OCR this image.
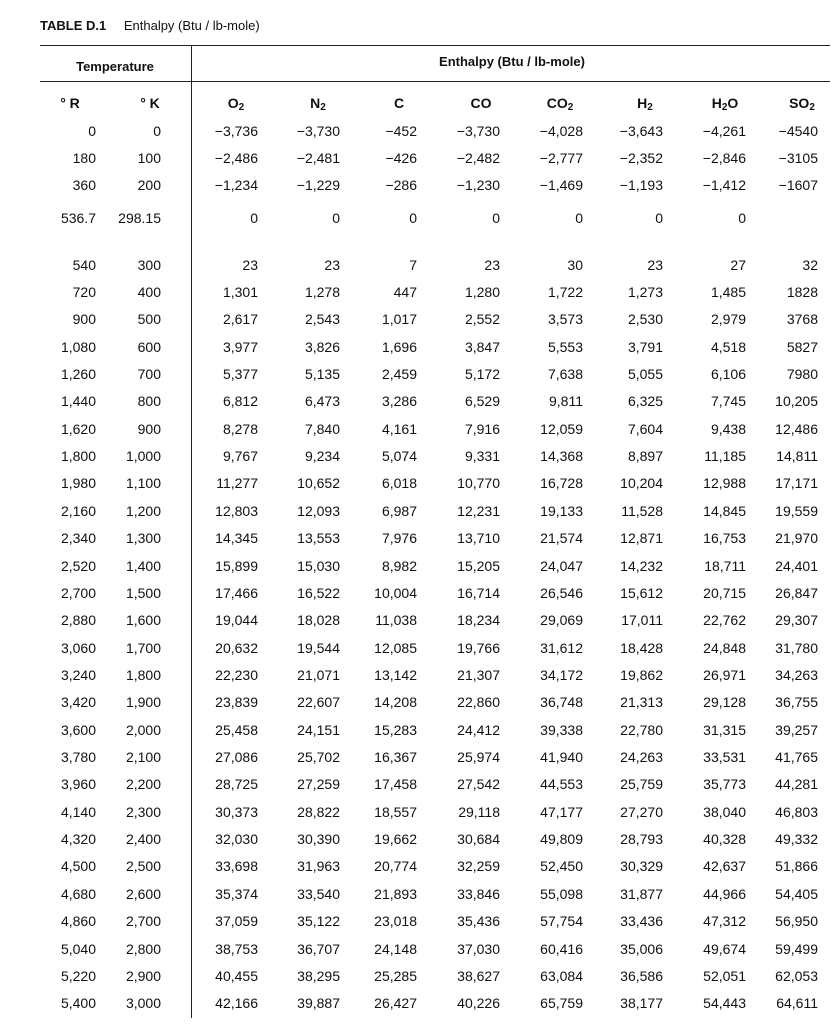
TABLE D.1 Enthalpy (Btu / lb-mole)
Temperature	Enthalpy (Btu / lb-mole)
° R	° K	$O_2$	$N_2$	C	CO	$CO_2$	$H_2$	$H_2O$	$SO_2$
0	0	−3,736	−3,730	−452	−3,730	−4,028	−3,643	−4,261	−4540
180	100	−2,486	−2,481	−426	−2,482	−2,777	−2,352	−2,846	−3105
360	200	−1,234	−1,229	−286	−1,230	−1,469	−1,193	−1,412	−1607
536.7	298.15	0	0	0	0	0	0	0
540	300	23	23	7	23	30	23	27	32
720	400	1,301	1,278	447	1,280	1,722	1,273	1,485	1828
900	500	2,617	2,543	1,017	2,552	3,573	2,530	2,979	3768
1,080	600	3,977	3,826	1,696	3,847	5,553	3,791	4,518	5827
1,260	700	5,377	5,135	2,459	5,172	7,638	5,055	6,106	7980
1,440	800	6,812	6,473	3,286	6,529	9,811	6,325	7,745	10,205
1,620	900	8,278	7,840	4,161	7,916	12,059	7,604	9,438	12,486
1,800	1,000	9,767	9,234	5,074	9,331	14,368	8,897	11,185	14,811
1,980	1,100	11,277	10,652	6,018	10,770	16,728	10,204	12,988	17,171
2,160	1,200	12,803	12,093	6,987	12,231	19,133	11,528	14,845	19,559
2,340	1,300	14,345	13,553	7,976	13,710	21,574	12,871	16,753	21,970
2,520	1,400	15,899	15,030	8,982	15,205	24,047	14,232	18,711	24,401
2,700	1,500	17,466	16,522	10,004	16,714	26,546	15,612	20,715	26,847
2,880	1,600	19,044	18,028	11,038	18,234	29,069	17,011	22,762	29,307
3,060	1,700	20,632	19,544	12,085	19,766	31,612	18,428	24,848	31,780
3,240	1,800	22,230	21,071	13,142	21,307	34,172	19,862	26,971	34,263
3,420	1,900	23,839	22,607	14,208	22,860	36,748	21,313	29,128	36,755
3,600	2,000	25,458	24,151	15,283	24,412	39,338	22,780	31,315	39,257
3,780	2,100	27,086	25,702	16,367	25,974	41,940	24,263	33,531	41,765
3,960	2,200	28,725	27,259	17,458	27,542	44,553	25,759	35,773	44,281
4,140	2,300	30,373	28,822	18,557	29,118	47,177	27,270	38,040	46,803
4,320	2,400	32,030	30,390	19,662	30,684	49,809	28,793	40,328	49,332
4,500	2,500	33,698	31,963	20,774	32,259	52,450	30,329	42,637	51,866
4,680	2,600	35,374	33,540	21,893	33,846	55,098	31,877	44,966	54,405
4,860	2,700	37,059	35,122	23,018	35,436	57,754	33,436	47,312	56,950
5,040	2,800	38,753	36,707	24,148	37,030	60,416	35,006	49,674	59,499
5,220	2,900	40,455	38,295	25,285	38,627	63,084	36,586	52,051	62,053
5,400	3,000	42,166	39,887	26,427	40,226	65,759	38,177	54,443	64,611
